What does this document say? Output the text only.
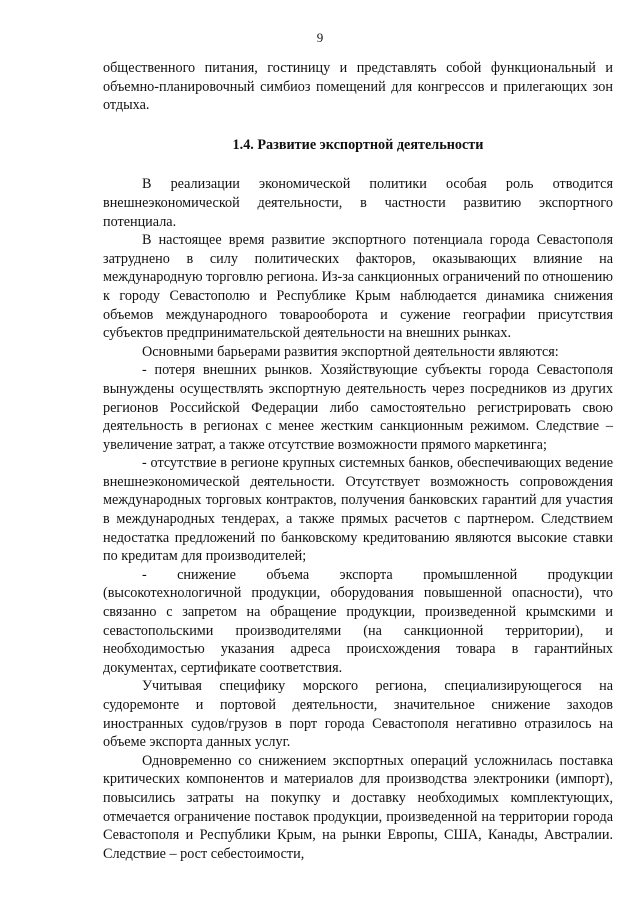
9

общественного питания, гостиницу и представлять собой функциональный и объемно-планировочный симбиоз помещений для конгрессов и прилегающих зон отдыха.

1.4. Развитие экспортной деятельности

В реализации экономической политики особая роль отводится внешнеэкономической деятельности, в частности развитию экспортного потенциала.

В настоящее время развитие экспортного потенциала города Севастополя затруднено в силу политических факторов, оказывающих влияние на международную торговлю региона. Из-за санкционных ограничений по отношению к городу Севастополю и Республике Крым наблюдается динамика снижения объемов международного товарооборота и сужение географии присутствия субъектов предпринимательской деятельности на внешних рынках.

Основными барьерами развития экспортной деятельности являются:

- потеря внешних рынков. Хозяйствующие субъекты города Севастополя вынуждены осуществлять экспортную деятельность через посредников из других регионов Российской Федерации либо самостоятельно регистрировать свою деятельность в регионах с менее жестким санкционным режимом. Следствие – увеличение затрат, а также отсутствие возможности прямого маркетинга;

- отсутствие в регионе крупных системных банков, обеспечивающих ведение внешнеэкономической деятельности. Отсутствует возможность сопровождения международных торговых контрактов, получения банковских гарантий для участия в международных тендерах, а также прямых расчетов с партнером. Следствием недостатка предложений по банковскому кредитованию являются высокие ставки по кредитам для производителей;

- снижение объема экспорта промышленной продукции (высокотехнологичной продукции, оборудования повышенной опасности), что связанно с запретом на обращение продукции, произведенной крымскими и севастопольскими производителями (на санкционной территории), и необходимостью указания адреса происхождения товара в гарантийных документах, сертификате соответствия.

Учитывая специфику морского региона, специализирующегося на судоремонте и портовой деятельности, значительное снижение заходов иностранных судов/грузов в порт города Севастополя негативно отразилось на объеме экспорта данных услуг.

Одновременно со снижением экспортных операций усложнилась поставка критических компонентов и материалов для производства электроники (импорт), повысились затраты на покупку и доставку необходимых комплектующих, отмечается ограничение поставок продукции, произведенной на территории города Севастополя и Республики Крым, на рынки Европы, США, Канады, Австралии. Следствие – рост себестоимости,
